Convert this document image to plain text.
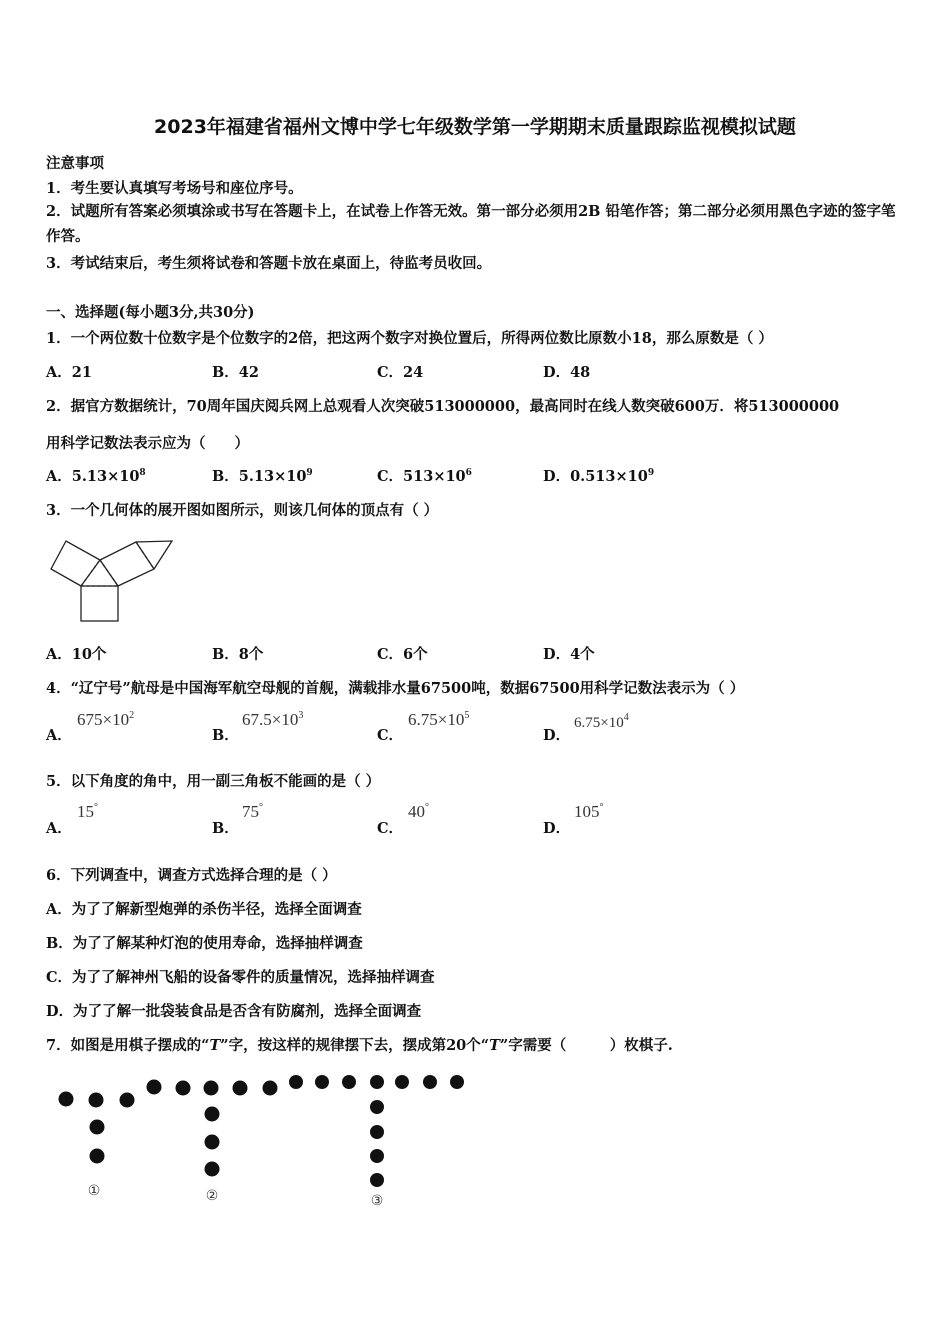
2023年福建省福州文博中学七年级数学第一学期期末质量跟踪监视模拟试题
注意事项
1．考生要认真填写考场号和座位序号。
2．试题所有答案必须填涂或书写在答题卡上，在试卷上作答无效。第一部分必须用2B 铅笔作答；第二部分必须用黑色字迹的签字笔作答。
3．考试结束后，考生须将试卷和答题卡放在桌面上，待监考员收回。
一、选择题(每小题3分,共30分)
1．一个两位数十位数字是个位数字的2倍，把这两个数字对换位置后，所得两位数比原数小18，那么原数是（ ）
A．21	B．42	C．24	D．48
2．据官方数据统计，70周年国庆阅兵网上总观看人次突破513000000，最高同时在线人数突破600万．将513000000
用科学记数法表示应为（　　）
A．$5.13\times 10^8$	B．$5.13\times 10^9$	C．$513\times 10^6$	D．$0.513\times 10^9$
3．一个几何体的展开图如图所示，则该几何体的顶点有（ ）
A．10个	B．8个	C．6个	D．4个
4．“辽宁号”航母是中国海军航空母舰的首舰，满载排水量67500吨，数据67500用科学记数法表示为（ ）
A．
$675\times 10^2$
B．
$67.5\times 10^3$
C．
$6.75\times 10^5$
D．
$6.75\times 10^4$
5．以下角度的角中，用一副三角板不能画的是（ ）
A．
15°
B．
75°
C．
40°
D．
105°
6．下列调查中，调查方式选择合理的是（ ）
A．为了了解新型炮弹的杀伤半径，选择全面调查
B．为了了解某种灯泡的使用寿命，选择抽样调查
C．为了了解神州飞船的设备零件的质量情况，选择抽样调查
D．为了了解一批袋装食品是否含有防腐剂，选择全面调查
7．如图是用棋子摆成的“T”字，按这样的规律摆下去，摆成第20个“T”字需要（　　　）枚棋子.
①	②	③
